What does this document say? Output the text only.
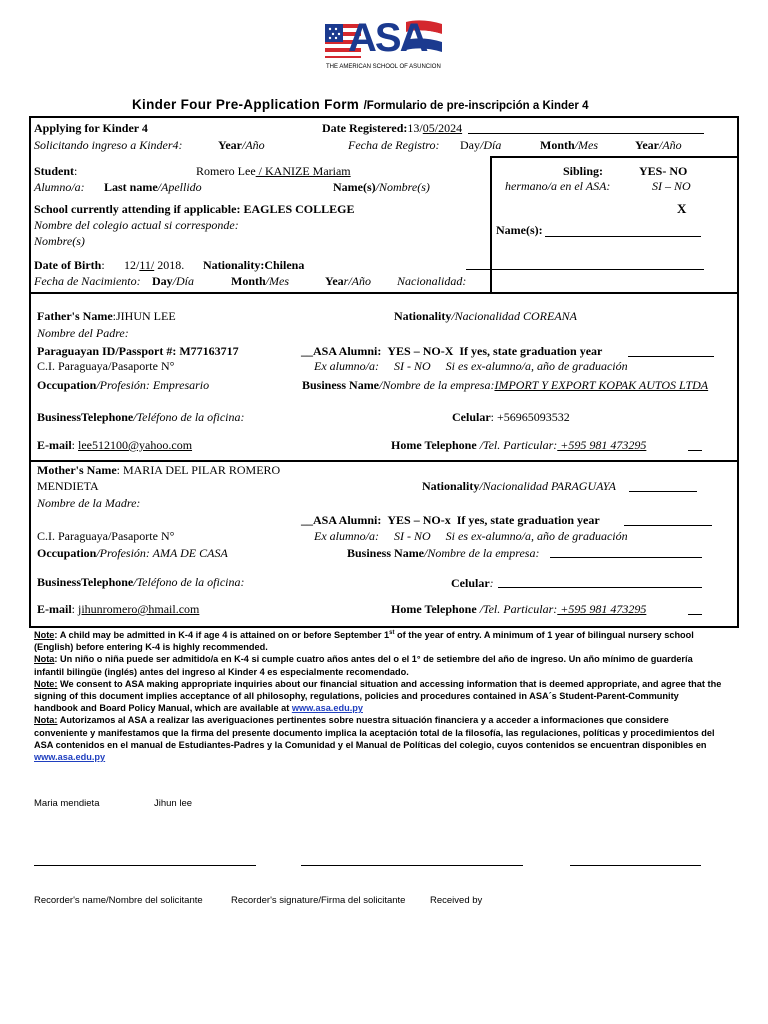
ASA
THE AMERICAN SCHOOL OF ASUNCION
Kinder Four Pre-Application Form /Formulario de pre-inscripción a Kinder 4
Applying for Kinder 4
Solicitando ingreso a Kinder4:	Year/Año
Date Registered:13/05/2024
Fecha de Registro: Day/Día	Month/Mes	Year/Año
Student:	Romero Lee / KANIZE Mariam
Alumno/a: Last name/Apellido	Name(s)/Nombre(s)
Sibling:	YES- NO
hermano/a en el ASA:	SI – NO
X
Name(s):
School currently attending if applicable: EAGLES COLLEGE
Nombre del colegio actual si corresponde:
Nombre(s)
Date of Birth: 12/11/ 2018. Nationality:Chilena
Fecha de Nacimiento: Day/Día	Month/Mes	Year/Año Nacionalidad:
Father's Name:JIHUN LEE
Nombre del Padre:
Nationality/Nacionalidad COREANA
Paraguayan ID/Passport #: M77163717
C.I. Paraguaya/Pasaporte N°
__ASA Alumni: YES – NO-X If yes, state graduation year
Ex alumno/a: SI - NO Si es ex-alumno/a, año de graduación
Occupation/Profesión: Empresario	Business Name/Nombre de la empresa:IMPORT Y EXPORT KOPAK AUTOS LTDA
BusinessTelephone/Teléfono de la oficina:	Celular: +56965093532
E-mail: lee512100@yahoo.com	Home Telephone /Tel. Particular: +595 981 473295
Mother's Name: MARIA DEL PILAR ROMERO
MENDIETA
Nombre de la Madre:
Nationality/Nacionalidad PARAGUAYA
__ASA Alumni: YES – NO-x If yes, state graduation year
C.I. Paraguaya/Pasaporte N°	Ex alumno/a: SI - NO Si es ex-alumno/a, año de graduación
Occupation/Profesión: AMA DE CASA	Business Name/Nombre de la empresa:
BusinessTelephone/Teléfono de la oficina:	Celular:
E-mail: jihunromero@hmail.com	Home Telephone /Tel. Particular: +595 981 473295

Note: A child may be admitted in K-4 if age 4 is attained on or before September 1st of the year of entry. A minimum of 1 year of bilingual nursery school (English) before entering K-4 is highly recommended.

Nota: Un niño o niña puede ser admitido/a en K-4 si cumple cuatro años antes del o el 1° de setiembre del año de ingreso. Un año mínimo de guardería infantil bilingüe (inglés) antes del ingreso al Kinder 4 es especialmente recomendado.

Note: We consent to ASA making appropriate inquiries about our financial situation and accessing information that is deemed appropriate, and agree that the signing of this document implies acceptance of all philosophy, regulations, policies and procedures contained in ASA´s Student-Parent-Community handbook and Board Policy Manual, which are available at www.asa.edu.py

Nota: Autorizamos al ASA a realizar las averiguaciones pertinentes sobre nuestra situación financiera y a acceder a informaciones que considere conveniente y manifestamos que la firma del presente documento implica la aceptación total de la filosofía, las regulaciones, políticas y procedimientos del ASA contenidos en el manual de Estudiantes-Padres y la Comunidad y el Manual de Políticas del colegio, cuyos contenidos se encuentran disponibles en www.asa.edu.py

Maria mendieta	Jihun lee
Recorder's name/Nombre del solicitante	Recorder's signature/Firma del solicitante	Received by
